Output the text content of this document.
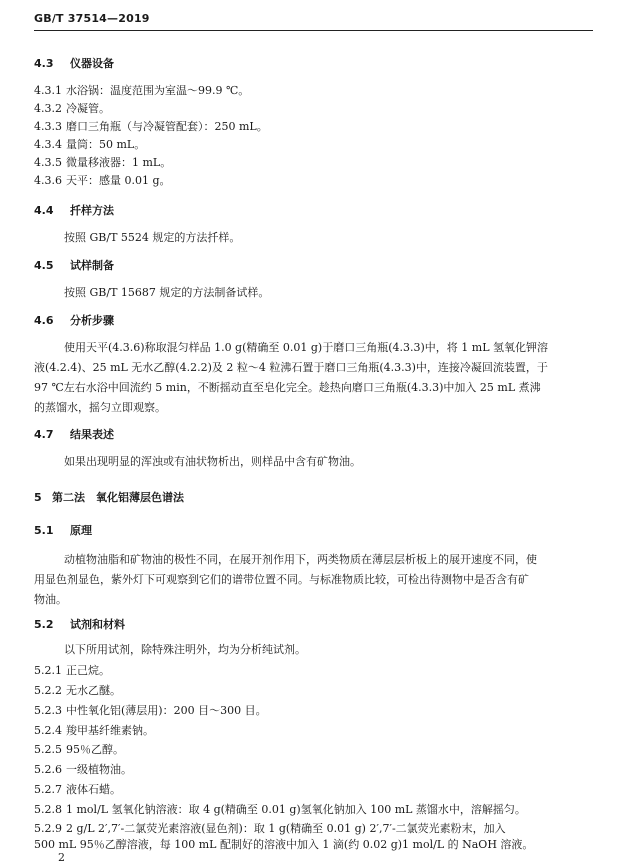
GB/T 37514—2019
4.3 仪器设备
4.3.1 水浴锅：温度范围为室温～99.9 ℃。
4.3.2 冷凝管。
4.3.3 磨口三角瓶（与冷凝管配套）：250 mL。
4.3.4 量筒：50 mL。
4.3.5 微量移液器：1 mL。
4.3.6 天平：感量 0.01 g。
4.4 扦样方法
按照 GB/T 5524 规定的方法扦样。
4.5 试样制备
按照 GB/T 15687 规定的方法制备试样。
4.6 分析步骤
使用天平(4.3.6)称取混匀样品 1.0 g(精确至 0.01 g)于磨口三角瓶(4.3.3)中，将 1 mL 氢氧化钾溶
液(4.2.4)、25 mL 无水乙醇(4.2.2)及 2 粒～4 粒沸石置于磨口三角瓶(4.3.3)中，连接冷凝回流装置，于
97 ℃左右水浴中回流约 5 min，不断摇动直至皂化完全。趁热向磨口三角瓶(4.3.3)中加入 25 mL 煮沸
的蒸馏水，摇匀立即观察。
4.7 结果表述
如果出现明显的浑浊或有油状物析出，则样品中含有矿物油。
5 第二法　氧化铝薄层色谱法
5.1 原理
动植物油脂和矿物油的极性不同，在展开剂作用下，两类物质在薄层层析板上的展开速度不同，使
用显色剂显色，紫外灯下可观察到它们的谱带位置不同。与标准物质比较，可检出待测物中是否含有矿
物油。
5.2 试剂和材料
以下所用试剂，除特殊注明外，均为分析纯试剂。
5.2.1 正己烷。
5.2.2 无水乙醚。
5.2.3 中性氧化铝(薄层用)：200 目～300 目。
5.2.4 羧甲基纤维素钠。
5.2.5 95％乙醇。
5.2.6 一级植物油。
5.2.7 液体石蜡。
5.2.8 1 mol/L 氢氧化钠溶液：取 4 g(精确至 0.01 g)氢氧化钠加入 100 mL 蒸馏水中，溶解摇匀。
5.2.9 2 g/L 2′,7′-二氯荧光素溶液(显色剂)：取 1 g(精确至 0.01 g) 2′,7′-二氯荧光素粉末，加入
500 mL 95％乙醇溶液，每 100 mL 配制好的溶液中加入 1 滴(约 0.02 g)1 mol/L 的 NaOH 溶液。
2
